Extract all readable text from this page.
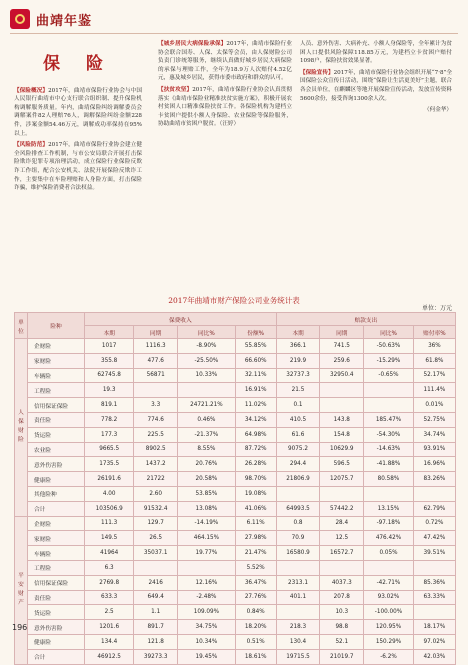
曲靖年鉴
保 险

【保险概况】2017年，曲靖市保险行业协会与中国人民银行曲靖市中心支行联合组织制、提升保险机构调解服务质量。年内，曲靖保险纠纷调解委员会调解案件82人理赔76人，调解保险纠纷金额228件，涉案金额54.46万元，调解成功率保持在95%以上。

【风险防范】2017年，曲靖市保险行业协会建立健全风险排查工作机制，与市公安局联合开展打击保险欺诈犯罪专项治理活动，成立保险行业保险反欺诈工作组，配合公安机关、法院开展保险反欺诈工作，主要集中在车险理赔和人身险方面，打击保险诈骗，维护保险消费者合法权益。

【城乡居民大病保险承保】2017年，曲靖市保险行业协会联合国寿、人保、太保等会员，由人保财险公司负责门诊统筹服务，继续认真做好城乡居民大病保险的承保与理赔工作，全年为18.9万人次赔付4.52亿元，惠及城乡居民，获得市委市政府和群众的认可。

【扶贫攻坚】2017年，曲靖市保险行业协会认真贯彻落实《曲靖市保险业精准扶贫实施方案》，积极开展农村贫困人口精准保险扶贫工作。各保险机构为建档立卡贫困户提供小额人身保险、农业保险等保险服务，协助曲靖市贫困户脱贫。（汪婷）

人员、意外伤害、大病补充、小额人身保险等，全年累计为贫困人口提供风险保障118.85万元，为建档立卡贫困户赔付1098户，保险扶贫效果显著。

【保险宣传】2017年，曲靖市保险行业协会组织开展“7·8”全国保险公众宣传日活动，围绕“保险让生活更美好”主题，联合各会员单位，在麒麟区等地开展保险宣传活动，发放宣传资料5600余份，接受咨询1300余人次。

（何金华）
2017年曲靖市财产保险公司业务统计表
单位：万元
单位	险种	保费收入				赔款支出			
		本期	同期	同比%	份额%	本期	同期	同比%	赔付率%
人保财险	企财险	1017	1116.3	-8.90%	55.85%	366.1	741.5	-50.63%	36%
	家财险	355.8	477.6	-25.50%	66.60%	219.9	259.6	-15.29%	61.8%
	车辆险	62745.8	56871	10.33%	32.11%	32737.3	32950.4	-0.65%	52.17%
	工程险	19.3			16.91%	21.5			111.4%
	信用保证保险	819.1	3.3	24721.21%	11.02%	0.1			0.01%
	责任险	778.2	774.6	0.46%	34.12%	410.5	143.8	185.47%	52.75%
	货运险	177.3	225.5	-21.37%	64.98%	61.6	154.8	-54.30%	34.74%
	农业险	9665.5	8902.5	8.55%	87.72%	9075.2	10629.9	-14.63%	93.91%
	意外伤害险	1735.5	1437.2	20.76%	26.28%	294.4	596.5	-41.88%	16.96%
	健康险	26191.6	21722	20.58%	98.70%	21806.9	12075.7	80.58%	83.26%
	其他险种	4.00	2.60	53.85%	19.08%				
	合计	103506.9	91532.4	13.08%	41.06%	64993.5	57442.2	13.15%	62.79%
平安财产	企财险	111.3	129.7	-14.19%	6.11%	0.8	28.4	-97.18%	0.72%
	家财险	149.5	26.5	464.15%	27.98%	70.9	12.5	476.42%	47.42%
	车辆险	41964	35037.1	19.77%	21.47%	16580.9	16572.7	0.05%	39.51%
	工程险	6.3			5.52%				
	信用保证保险	2769.8	2416	12.16%	36.47%	2313.1	4037.3	-42.71%	85.36%
	责任险	633.3	649.4	-2.48%	27.76%	401.1	207.8	93.02%	63.33%
	货运险	2.5	1.1	109.09%	0.84%		10.3	-100.00%	
	意外伤害险	1201.6	891.7	34.75%	18.20%	218.3	98.8	120.95%	18.17%
	健康险	134.4	121.8	10.34%	0.51%	130.4	52.1	150.29%	97.02%
	合计	46912.5	39273.3	19.45%	18.61%	19715.5	21019.7	-6.2%	42.03%
196
